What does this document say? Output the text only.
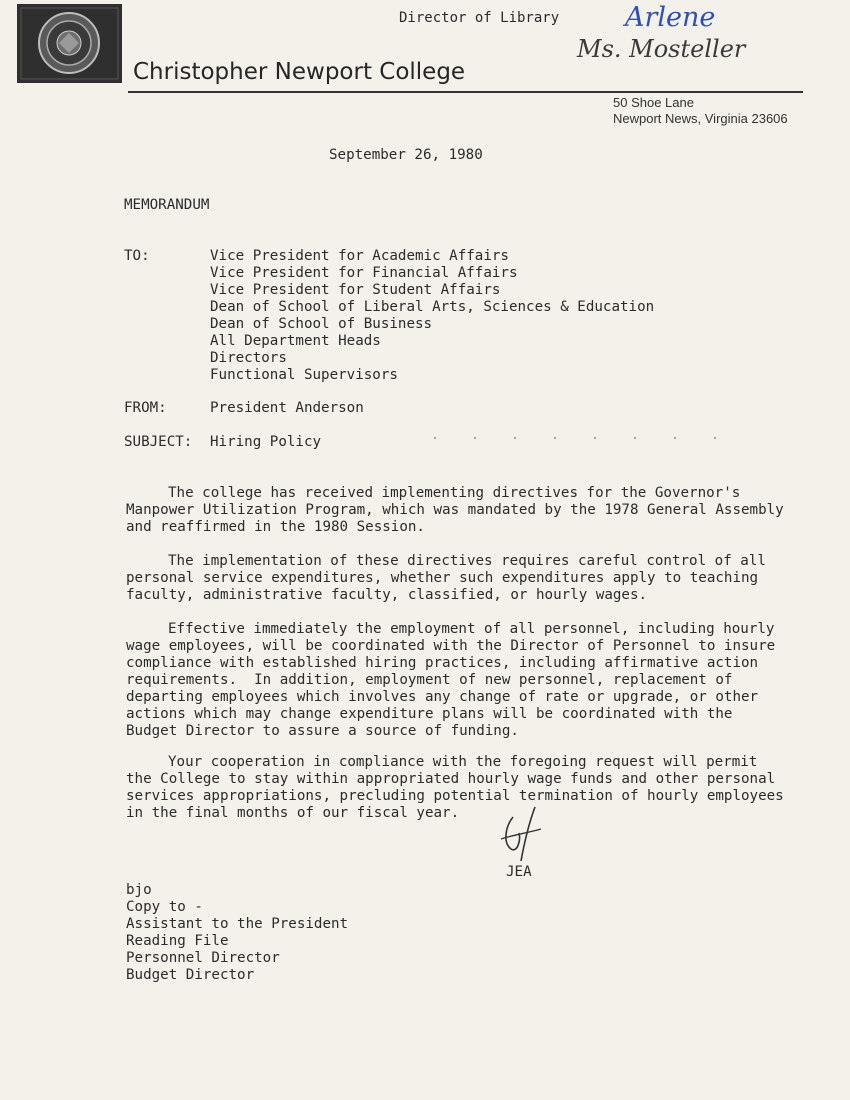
Director of Library Arlene
Ms. Mosteller
Christopher Newport College
50 Shoe Lane
Newport News, Virginia 23606
September 26, 1980
MEMORANDUM
TO:	Vice President for Academic Affairs
Vice President for Financial Affairs
Vice President for Student Affairs
Dean of School of Liberal Arts, Sciences & Education
Dean of School of Business
All Department Heads
Directors
Functional Supervisors
FROM:	President Anderson
SUBJECT: Hiring Policy
The college has received implementing directives for the Governor's
Manpower Utilization Program, which was mandated by the 1978 General Assembly
and reaffirmed in the 1980 Session.
The implementation of these directives requires careful control of all
personal service expenditures, whether such expenditures apply to teaching
faculty, administrative faculty, classified, or hourly wages.
Effective immediately the employment of all personnel, including hourly
wage employees, will be coordinated with the Director of Personnel to insure
compliance with established hiring practices, including affirmative action
requirements.  In addition, employment of new personnel, replacement of
departing employees which involves any change of rate or upgrade, or other
actions which may change expenditure plans will be coordinated with the
Budget Director to assure a source of funding.
Your cooperation in compliance with the foregoing request will permit
the College to stay within appropriated hourly wage funds and other personal
services appropriations, precluding potential termination of hourly employees
in the final months of our fiscal year.
JEA
bjo
Copy to -
Assistant to the President
Reading File
Personnel Director
Budget Director
